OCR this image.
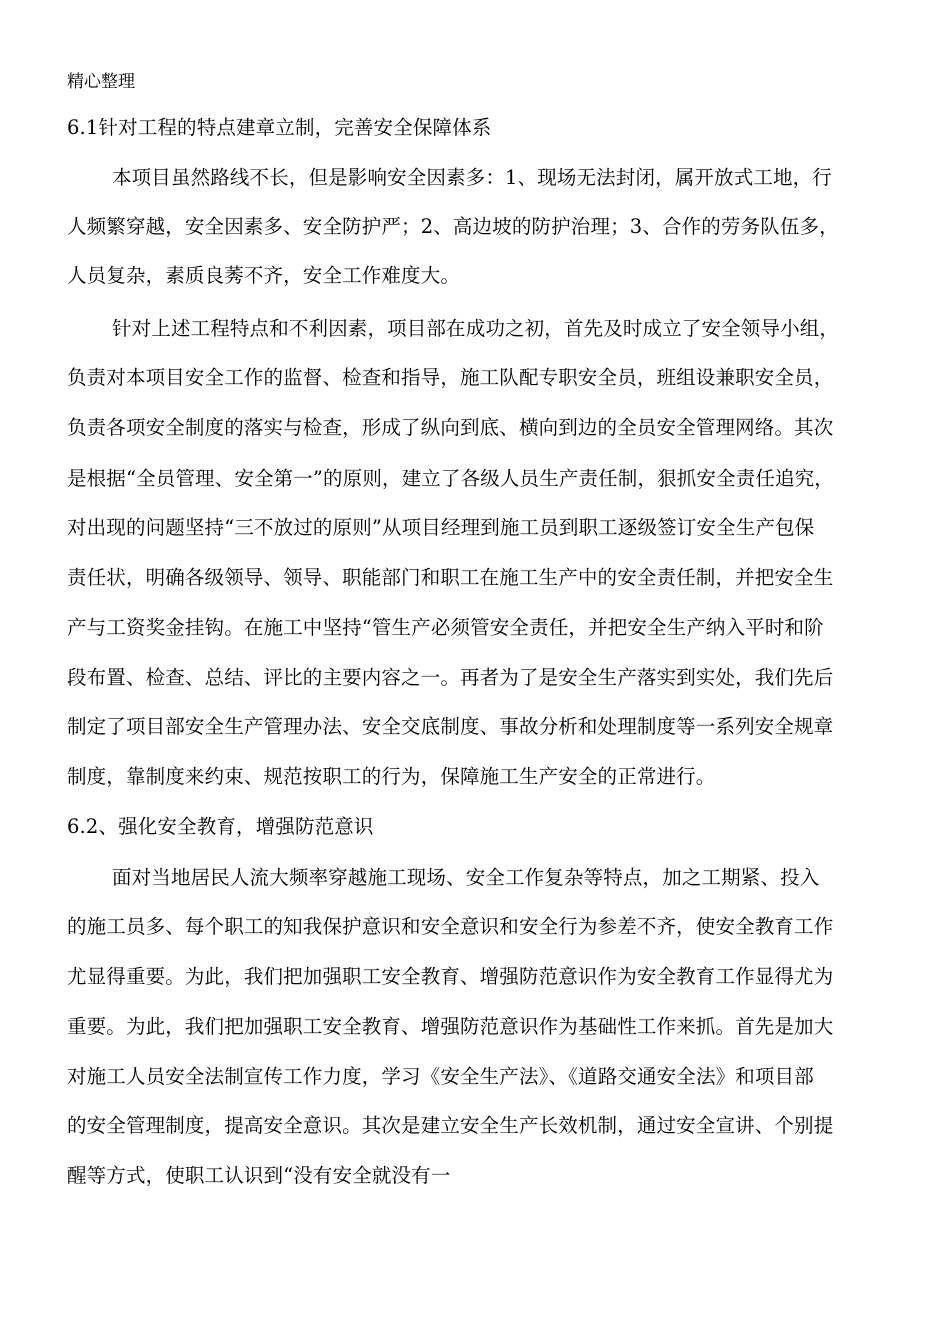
精心整理
6.1针对工程的特点建章立制，完善安全保障体系
本项目虽然路线不长，但是影响安全因素多：1、现场无法封闭，属开放式工地，行
人频繁穿越，安全因素多、安全防护严；2、高边坡的防护治理；3、合作的劳务队伍多，
人员复杂，素质良莠不齐，安全工作难度大。
针对上述工程特点和不利因素，项目部在成功之初，首先及时成立了安全领导小组，
负责对本项目安全工作的监督、检查和指导，施工队配专职安全员，班组设兼职安全员，
负责各项安全制度的落实与检查，形成了纵向到底、横向到边的全员安全管理网络。其次
是根据“全员管理、安全第一”的原则，建立了各级人员生产责任制，狠抓安全责任追究，
对出现的问题坚持“三不放过的原则”从项目经理到施工员到职工逐级签订安全生产包保
责任状，明确各级领导、领导、职能部门和职工在施工生产中的安全责任制，并把安全生
产与工资奖金挂钩。在施工中坚持“管生产必须管安全责任，并把安全生产纳入平时和阶
段布置、检查、总结、评比的主要内容之一。再者为了是安全生产落实到实处，我们先后
制定了项目部安全生产管理办法、安全交底制度、事故分析和处理制度等一系列安全规章
制度，靠制度来约束、规范按职工的行为，保障施工生产安全的正常进行。
6.2、强化安全教育，增强防范意识
面对当地居民人流大频率穿越施工现场、安全工作复杂等特点，加之工期紧、投入
的施工员多、每个职工的知我保护意识和安全意识和安全行为参差不齐，使安全教育工作
尤显得重要。为此，我们把加强职工安全教育、增强防范意识作为安全教育工作显得尤为
重要。为此，我们把加强职工安全教育、增强防范意识作为基础性工作来抓。首先是加大
对施工人员安全法制宣传工作力度，学习《安全生产法》、《道路交通安全法》和项目部
的安全管理制度，提高安全意识。其次是建立安全生产长效机制，通过安全宣讲、个别提
醒等方式，使职工认识到“没有安全就没有一
